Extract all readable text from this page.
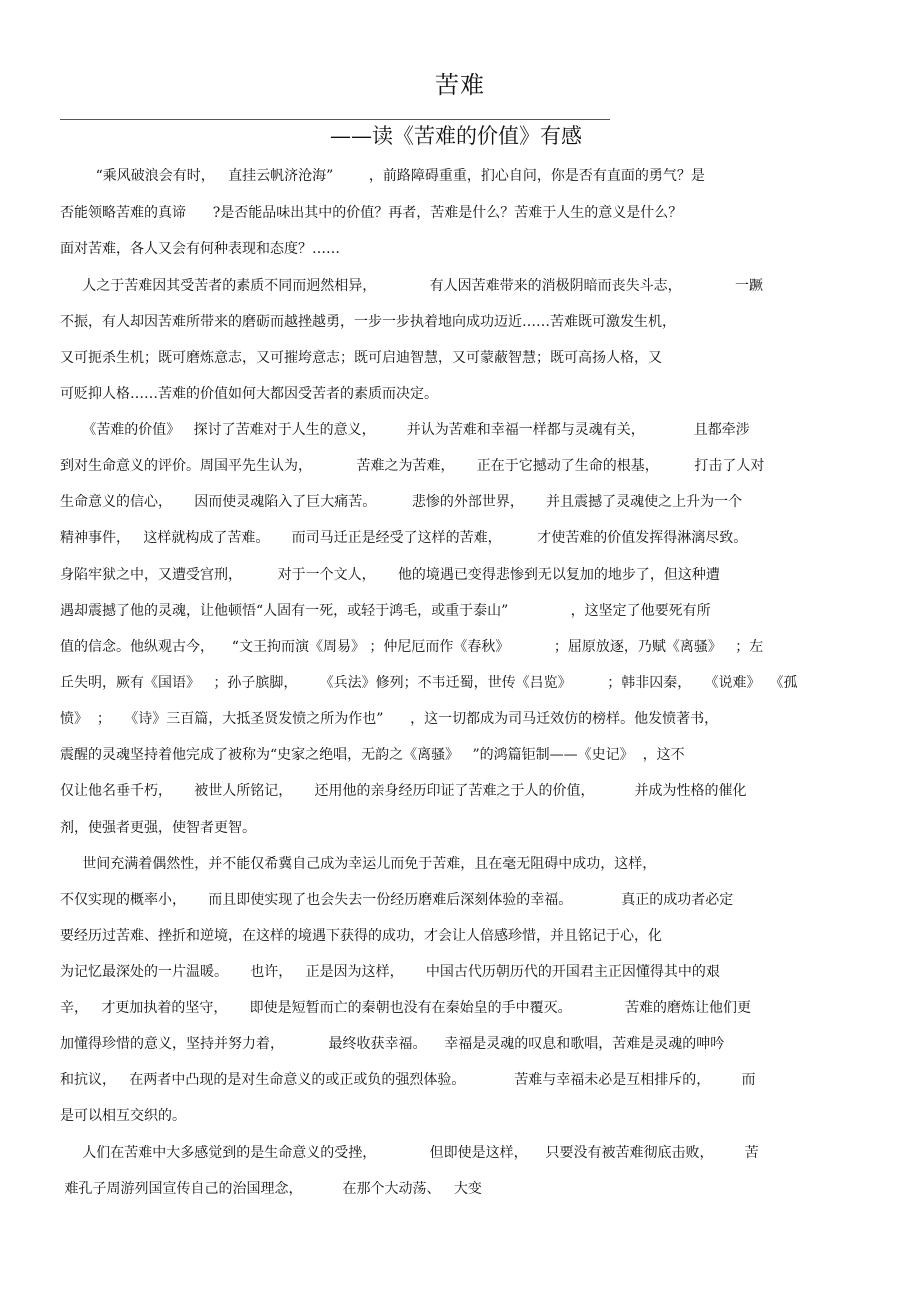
苦难
——读《苦难的价值》有感
“乘风破浪会有时，   直挂云帆济沧海”        ，前路障碍重重，扪心自问，你是否有直面的勇气？是
否能领略苦难的真谛      ?是否能品味出其中的价值？再者，苦难是什么？苦难于人生的意义是什么？
面对苦难，各人又会有何种表现和态度？……
人之于苦难因其受苦者的素质不同而迥然相异，            有人因苦难带来的消极阴暗而丧失斗志，            一蹶
不振，有人却因苦难所带来的磨砺而越挫越勇，一步一步执着地向成功迈近……苦难既可激发生机，
又可扼杀生机；既可磨炼意志，又可摧垮意志；既可启迪智慧，又可蒙蔽智慧；既可高扬人格，又
可贬抑人格……苦难的价值如何大都因受苦者的素质而决定。
《苦难的价值》   探讨了苦难对于人生的意义，       并认为苦难和幸福一样都与灵魂有关，           且都牵涉
到对生命意义的评价。周国平先生认为，          苦难之为苦难，     正在于它撼动了生命的根基，        打击了人对
生命意义的信心，     因而使灵魂陷入了巨大痛苦。        悲惨的外部世界，     并且震撼了灵魂使之上升为一个
精神事件，   这样就构成了苦难。     而司马迁正是经受了这样的苦难，        才使苦难的价值发挥得淋漓尽致。
身陷牢狱之中，又遭受宫刑，        对于一个文人，     他的境遇已变得悲惨到无以复加的地步了，但这种遭
遇却震撼了他的灵魂，让他顿悟“人固有一死，或轻于鸿毛，或重于泰山”              ，这坚定了他要死有所
值的信念。他纵观古今，    “文王拘而演《周易》 ；仲尼厄而作《春秋》          ；屈原放逐，乃赋《离骚》   ；左
丘失明，厥有《国语》   ；孙子膑脚，     《兵法》修列；不韦迁蜀，世传《吕览》        ；韩非囚秦，   《说难》  《孤
愤》  ；   《诗》三百篇，大抵圣贤发愤之所为作也”      ，这一切都成为司马迁效仿的榜样。他发愤著书，
震醒的灵魂坚持着他完成了被称为“史家之绝唱，无韵之《离骚》   ”的鸿篇钜制——《史记》  ，这不
仅让他名垂千朽，     被世人所铭记，     还用他的亲身经历印证了苦难之于人的价值，         并成为性格的催化
剂，使强者更强，使智者更智。
世间充满着偶然性，并不能仅希冀自己成为幸运儿而免于苦难，且在毫无阻碍中成功，这样，
不仅实现的概率小，     而且即使实现了也会失去一份经历磨难后深刻体验的幸福。           真正的成功者必定
要经历过苦难、挫折和逆境，在这样的境遇下获得的成功，才会让人倍感珍惜，并且铭记于心，化
为记忆最深处的一片温暖。     也许，   正是因为这样，     中国古代历朝历代的开国君主正因懂得其中的艰
辛，   才更加执着的坚守，     即使是短暂而亡的秦朝也没有在秦始皇的手中覆灭。            苦难的磨炼让他们更
加懂得珍惜的意义，坚持并努力着，          最终收获幸福。    幸福是灵魂的叹息和歌唱，苦难是灵魂的呻吟
和抗议，   在两者中凸现的是对生命意义的或正或负的强烈体验。           苦难与幸福未必是互相排斥的，       而
是可以相互交织的。
人们在苦难中大多感觉到的是生命意义的受挫，            但即使是这样，    只要没有被苦难彻底击败，       苦
难孔子周游列国宣传自己的治国理念，         在那个大动荡、   大变
